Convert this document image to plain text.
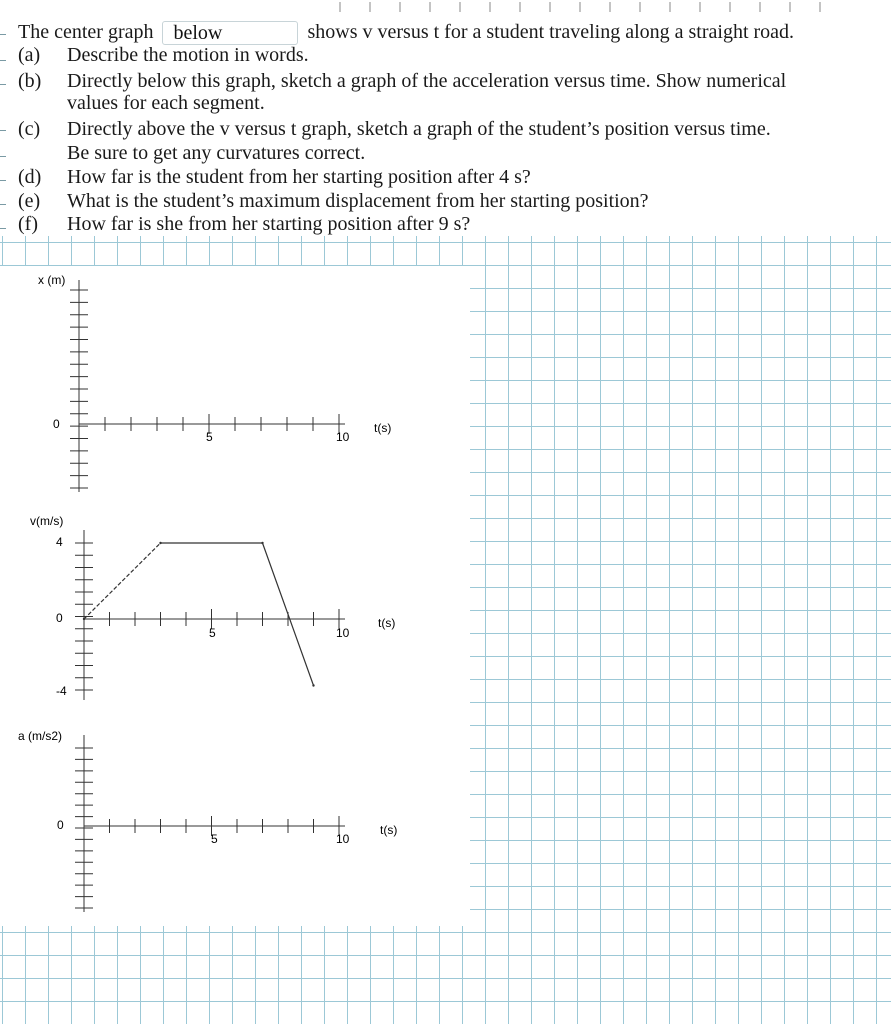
The center graph below	shows v versus t for a student traveling along a straight road.
(a) Describe the motion in words.
(b) Directly below this graph, sketch a graph of the acceleration versus time. Show numerical
values for each segment.
(c) Directly above the v versus t graph, sketch a graph of the student’s position versus time.
Be sure to get any curvatures correct.
(d) How far is the student from her starting position after 4 s?
(e) What is the student’s maximum displacement from her starting position?
(f) How far is she from her starting position after 9 s?
x (m)
0
5	10
t(s)
v(m/s)
4
0
-4
5	10
t(s)
a (m/s2)
0
5	10
t(s)
